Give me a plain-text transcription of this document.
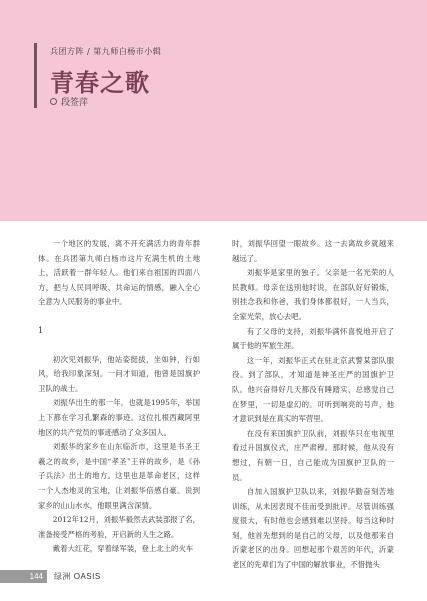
兵团方阵 / 第九师白杨市小辑
青春之歌
段签萍

一个地区的发展，离不开充满活力的青年群体。在兵团第九师白杨市这片充满生机的土地上，活跃着一群年轻人。他们来自祖国的四面八方，把与人民同呼吸、共命运的情感，融入全心全意为人民服务的事业中。

1

初次见刘振华，他站姿挺拔，坐如钟，行如风，给我印象深刻。一问才知道，他曾是国旗护卫队的战士。

刘振华出生的那一年，也就是1995年，举国上下都在学习孔繁森的事迹。这位扎根西藏阿里地区的共产党员的事迹感动了众多国人。

刘振华的家乡在山东临沂市，这里是书圣王羲之的故乡，是中国“孝圣”王祥的故乡，是《孙子兵法》出土的地方。这里也是革命老区，这样一个人杰地灵的宝地，让刘振华倍感自豪。说到家乡的山山水水，他眼里满含深情。

2012年12月，刘振华毅然去武装部报了名，准备接受严格的考验，开启新的人生之路。

戴着大红花，穿着绿军装，登上北上的火车

时，刘振华回望一眼故乡。这一去离故乡就越来越远了。

刘振华是家里的独子。父亲是一名光荣的人民教师。母亲在送别他时说，在部队好好锻炼，别挂念我和你爸，我们身体都很好，一人当兵，全家光荣，放心去吧。

有了父母的支持，刘振华满怀喜悦地开启了属于他的军旅生涯。

这一年，刘振华正式在驻北京武警某部队服役。到了部队，才知道是神圣庄严的国旗护卫队。他兴奋得好几天都没有睡踏实，总感觉自己在梦里，一切是虚幻的。可听到响亮的号声，他才意识到是在真实的军营里。

在没有来国旗护卫队前，刘振华只在电视里看过升国旗仪式，庄严肃穆。那时候，他从没有想过，有朝一日，自己能成为国旗护卫队的一员。

自加入国旗护卫队以来，刘振华勤奋刻苦地训练，从未因表现不佳而受到批评。尽管训练强度很大，有时他也会感到难以坚持。每当这种时刻，他首先想到的是自己的父母，以及他那来自沂蒙老区的出身。回想起那个艰苦的年代，沂蒙老区的先辈们为了中国的解放事业，不惜抛头

144	绿洲 OASIS
